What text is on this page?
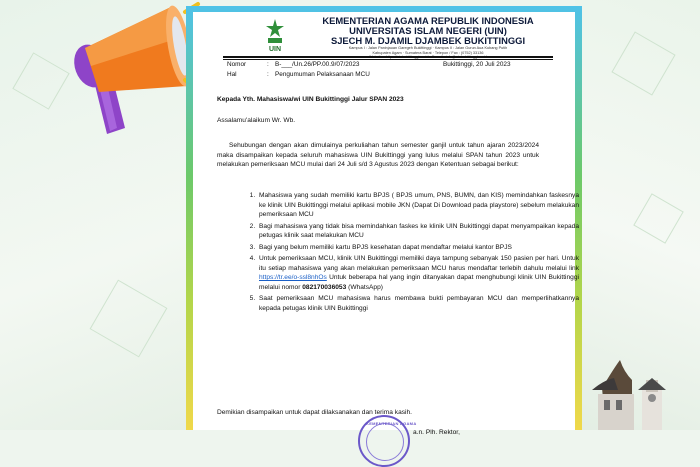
UIN
KEMENTERIAN AGAMA REPUBLIK INDONESIA
UNIVERSITAS ISLAM NEGERI (UIN)
SJECH M. DJAMIL DJAMBEK BUKITTINGGI
Kampus I : Jalan Paninjauan Garegeh Bukittinggi · Kampus II : Jalan Gurun Aua Kubang Putih
Kabupaten Agam · Sumatera Barat · Telepon / Fax : (0752) 33136
Nomor	: B-___/Un.26/PP.00.9/07/2023	Bukittinggi, 20 Juli 2023
Hal	: Pengumuman Pelaksanaan MCU
Kepada Yth. Mahasiswa/wi UIN Bukittinggi Jalur SPAN 2023
Assalamu'alaikum Wr. Wb.
Sehubungan dengan akan dimulainya perkuliahan tahun semester ganjil untuk tahun ajaran 2023/2024 maka disampaikan kepada seluruh mahasiswa UIN Bukittinggi yang lulus melalui SPAN tahun 2023 untuk melakukan pemeriksaan MCU mulai dari 24 Juli s/d 3 Agustus 2023 dengan Ketentuan sebagai berikut:
1. Mahasiswa yang sudah memiliki kartu BPJS ( BPJS umum, PNS, BUMN, dan KIS) memindahkan faskesnya ke klinik UIN Bukittinggi melalui aplikasi mobile JKN (Dapat Di Download pada playstore) sebelum melakukan pemeriksaan MCU
2. Bagi mahasiswa yang tidak bisa memindahkan faskes ke klinik UIN Bukittinggi dapat menyampaikan kepada petugas klinik saat melakukan MCU
3. Bagi yang belum memiliki kartu BPJS kesehatan dapat mendaftar melalui kantor BPJS
4. Untuk pemeriksaan MCU, klinik UIN Bukittinggi memiliki daya tampung sebanyak 150 pasien per hari. Untuk itu setiap mahasiswa yang akan melakukan pemeriksaan MCU harus mendaftar terlebih dahulu melalui link https://tr.ee/o-ssl8nhOs Untuk beberapa hal yang ingin ditanyakan dapat menghubungi klinik UIN Bukittinggi melalui nomor 082170036053 (WhatsApp)
5. Saat pemeriksaan MCU mahasiswa harus membawa bukti pembayaran MCU dan memperlihatkannya kepada petugas klinik UIN Bukittinggi
Demikian disampaikan untuk dapat dilaksanakan dan terima kasih.
KEMENTERIAN AGAMA
a.n. Plh. Rektor,
